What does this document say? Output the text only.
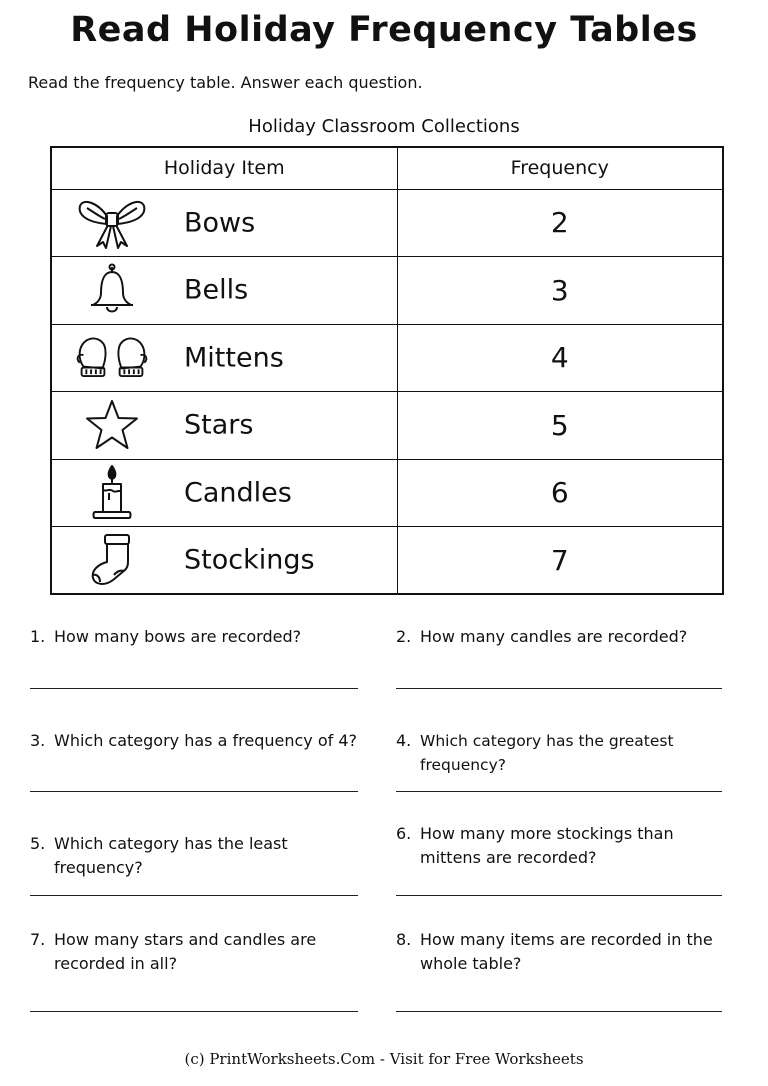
Read Holiday Frequency Tables
Read the frequency table. Answer each question.
Holiday Classroom Collections
Holiday Item	Frequency

Bows	2

Bells	3

Mittens	4

Stars	5

Candles	6

Stockings	7
1. How many bows are recorded?	2. How many candles are recorded?
3. Which category has a frequency of 4?	4. Which category has the greatest frequency?
5. Which category has the least frequency?
6. How many more stockings than mittens are recorded?
7. How many stars and candles are recorded in all?
8. How many items are recorded in the whole table?
(c) PrintWorksheets.Com - Visit for Free Worksheets
